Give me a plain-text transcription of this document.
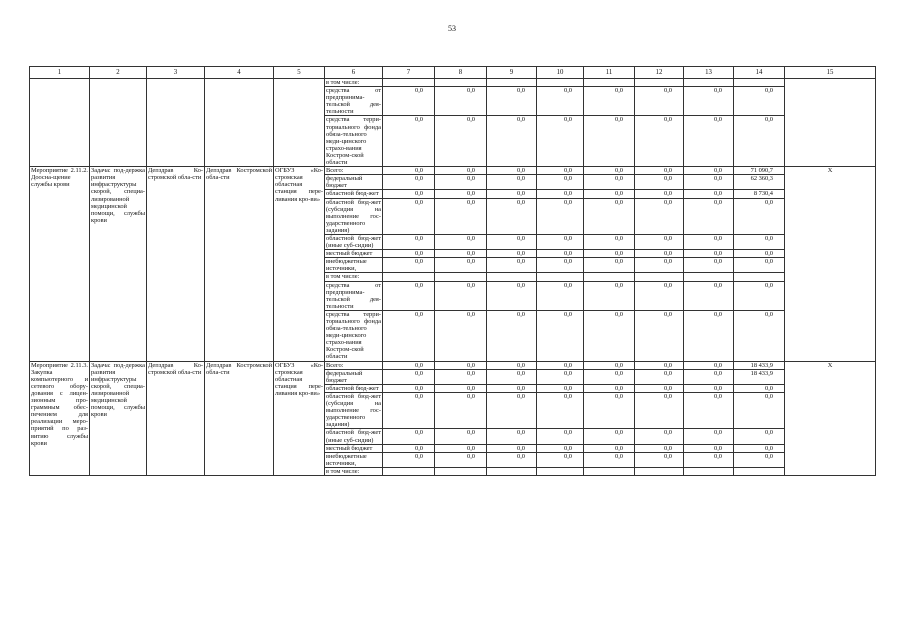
53
1	2	3	4	5	6	7	8	9	10	11	12	13	14	15
					в том числе:									
					средства от предпринима-тельской дея-тельности	0,0	0,0	0,0	0,0	0,0	0,0	0,0	0,0	
					средства терри-ториального фонда обяза-тельного меди-цинского страхо-вания Костром-ской области	0,0	0,0	0,0	0,0	0,0	0,0	0,0	0,0	
Мероприятие 2.11.2. Доосна-щение службы крови	Задача: под-держка развития инфраструктуры скорой, специа-лизированной медицинской помощи, службы крови	Депздрав Ко-стромской обла-сти	Депздрав Костромской обла-сти	ОГБУЗ «Ко-стромская областная станция пере-ливания кро-ви»	Всего:	0,0	0,0	0,0	0,0	0,0	0,0	0,0	71 090,7	Х
					федеральный бюджет	0,0	0,0	0,0	0,0	0,0	0,0	0,0	62 360,3	
					областной бюд-жет	0,0	0,0	0,0	0,0	0,0	0,0	0,0	8 730,4	
					областной бюд-жет (субсидия на выполнение гос-ударственного задания)	0,0	0,0	0,0	0,0	0,0	0,0	0,0	0,0	
					областной бюд-жет (иные суб-сидии)	0,0	0,0	0,0	0,0	0,0	0,0	0,0	0,0	
					местный бюджет	0,0	0,0	0,0	0,0	0,0	0,0	0,0	0,0	
					внебюджетные источники,	0,0	0,0	0,0	0,0	0,0	0,0	0,0	0,0	
					в том числе:									
					средства от предпринима-тельской дея-тельности	0,0	0,0	0,0	0,0	0,0	0,0	0,0	0,0	
					средства терри-ториального фонда обяза-тельного меди-цинского страхо-вания Костром-ской области	0,0	0,0	0,0	0,0	0,0	0,0	0,0	0,0	
Мероприятие 2.11.3. Закупка компьютерного и сетевого обору-дования с лицен-зионным про-граммным обес-печением для реализации меро-приятий по раз-витию службы крови	Задача: под-держка развития инфраструктуры скорой, специа-лизированной медицинской помощи, службы крови	Депздрав Ко-стромской обла-сти	Депздрав Костромской обла-сти	ОГБУЗ «Ко-стромская областная станция пере-ливания кро-ви»	Всего:	0,0	0,0	0,0	0,0	0,0	0,0	0,0	18 433,9	Х
					федеральный бюджет	0,0	0,0	0,0	0,0	0,0	0,0	0,0	18 433,9	
					областной бюд-жет	0,0	0,0	0,0	0,0	0,0	0,0	0,0	0,0	
					областной бюд-жет (субсидия на выполнение гос-ударственного задания)	0,0	0,0	0,0	0,0	0,0	0,0	0,0	0,0	
					областной бюд-жет (иные суб-сидии)	0,0	0,0	0,0	0,0	0,0	0,0	0,0	0,0	
					местный бюджет	0,0	0,0	0,0	0,0	0,0	0,0	0,0	0,0	
					внебюджетные источники,	0,0	0,0	0,0	0,0	0,0	0,0	0,0	0,0	
					в том числе:									
